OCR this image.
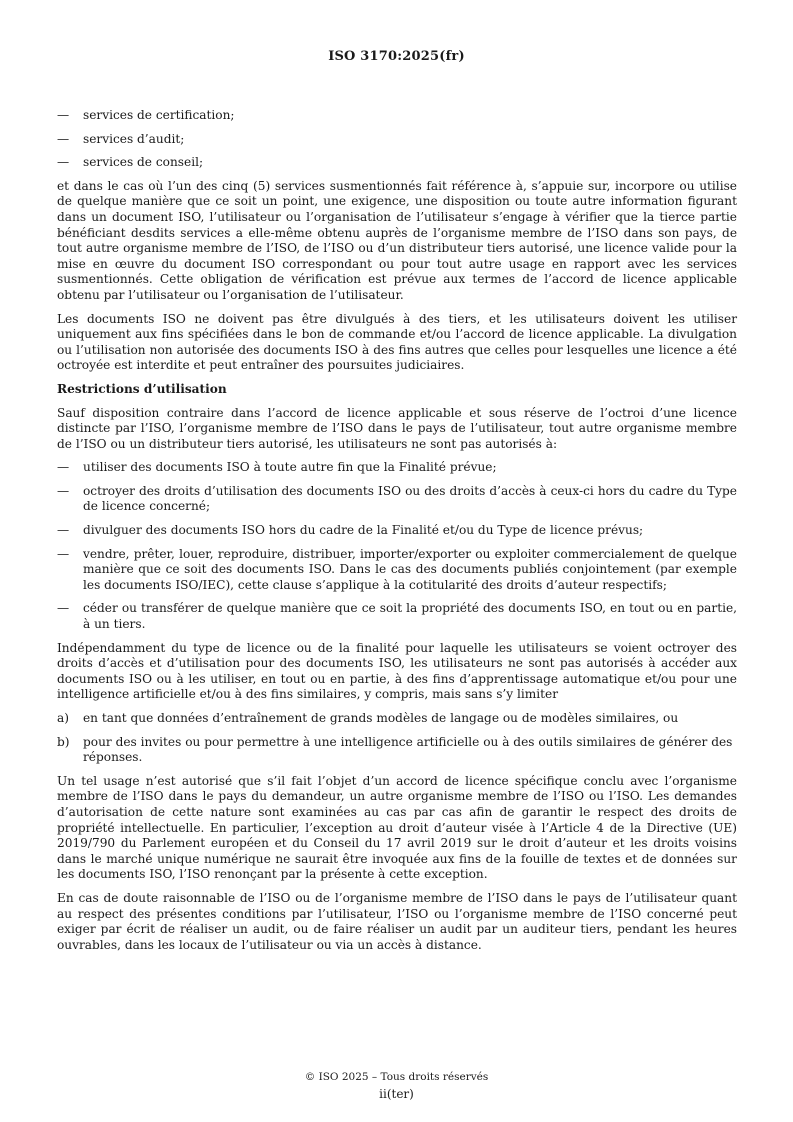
ISO 3170:2025(fr)
—	services de certification;
—	services d’audit;
—	services de conseil;

et dans le cas où l’un des cinq (5) services susmentionnés fait référence à, s’appuie sur, incorpore ou utilise de quelque manière que ce soit un point, une exigence, une disposition ou toute autre information figurant dans un document ISO, l’utilisateur ou l’organisation de l’utilisateur s’engage à vérifier que la tierce partie bénéficiant desdits services a elle-même obtenu auprès de l’organisme membre de l’ISO dans son pays, de tout autre organisme membre de l’ISO, de l’ISO ou d’un distributeur tiers autorisé, une licence valide pour la mise en œuvre du document ISO correspondant ou pour tout autre usage en rapport avec les services susmentionnés. Cette obligation de vérification est prévue aux termes de l’accord de licence applicable obtenu par l’utilisateur ou l’organisation de l’utilisateur.

Les documents ISO ne doivent pas être divulgués à des tiers, et les utilisateurs doivent les utiliser uniquement aux fins spécifiées dans le bon de commande et/ou l’accord de licence applicable. La divulgation ou l’utilisation non autorisée des documents ISO à des fins autres que celles pour lesquelles une licence a été octroyée est interdite et peut entraîner des poursuites judiciaires.

Restrictions d’utilisation

Sauf disposition contraire dans l’accord de licence applicable et sous réserve de l’octroi d’une licence distincte par l’ISO, l’organisme membre de l’ISO dans le pays de l’utilisateur, tout autre organisme membre de l’ISO ou un distributeur tiers autorisé, les utilisateurs ne sont pas autorisés à:

—	utiliser des documents ISO à toute autre fin que la Finalité prévue;
—	octroyer des droits d’utilisation des documents ISO ou des droits d’accès à ceux-ci hors du cadre du Type de licence concerné;
—	divulguer des documents ISO hors du cadre de la Finalité et/ou du Type de licence prévus;
—	vendre, prêter, louer, reproduire, distribuer, importer/exporter ou exploiter commercialement de quelque manière que ce soit des documents ISO. Dans le cas des documents publiés conjointement (par exemple les documents ISO/IEC), cette clause s’applique à la cotitularité des droits d’auteur respectifs;
—	céder ou transférer de quelque manière que ce soit la propriété des documents ISO, en tout ou en partie, à un tiers.

Indépendamment du type de licence ou de la finalité pour laquelle les utilisateurs se voient octroyer des droits d’accès et d’utilisation pour des documents ISO, les utilisateurs ne sont pas autorisés à accéder aux documents ISO ou à les utiliser, en tout ou en partie, à des fins d’apprentissage automatique et/ou pour une intelligence artificielle et/ou à des fins similaires, y compris, mais sans s’y limiter

a)	en tant que données d’entraînement de grands modèles de langage ou de modèles similaires, ou
b)	pour des invites ou pour permettre à une intelligence artificielle ou à des outils similaires de générer des réponses.

Un tel usage n’est autorisé que s’il fait l’objet d’un accord de licence spécifique conclu avec l’organisme membre de l’ISO dans le pays du demandeur, un autre organisme membre de l’ISO ou l’ISO. Les demandes d’autorisation de cette nature sont examinées au cas par cas afin de garantir le respect des droits de propriété intellectuelle. En particulier, l’exception au droit d’auteur visée à l’Article 4 de la Directive (UE) 2019/790 du Parlement européen et du Conseil du 17 avril 2019 sur le droit d’auteur et les droits voisins dans le marché unique numérique ne saurait être invoquée aux fins de la fouille de textes et de données sur les documents ISO, l’ISO renonçant par la présente à cette exception.

En cas de doute raisonnable de l’ISO ou de l’organisme membre de l’ISO dans le pays de l’utilisateur quant au respect des présentes conditions par l’utilisateur, l’ISO ou l’organisme membre de l’ISO concerné peut exiger par écrit de réaliser un audit, ou de faire réaliser un audit par un auditeur tiers, pendant les heures ouvrables, dans les locaux de l’utilisateur ou via un accès à distance.

© ISO 2025 – Tous droits réservés
ii(ter)
